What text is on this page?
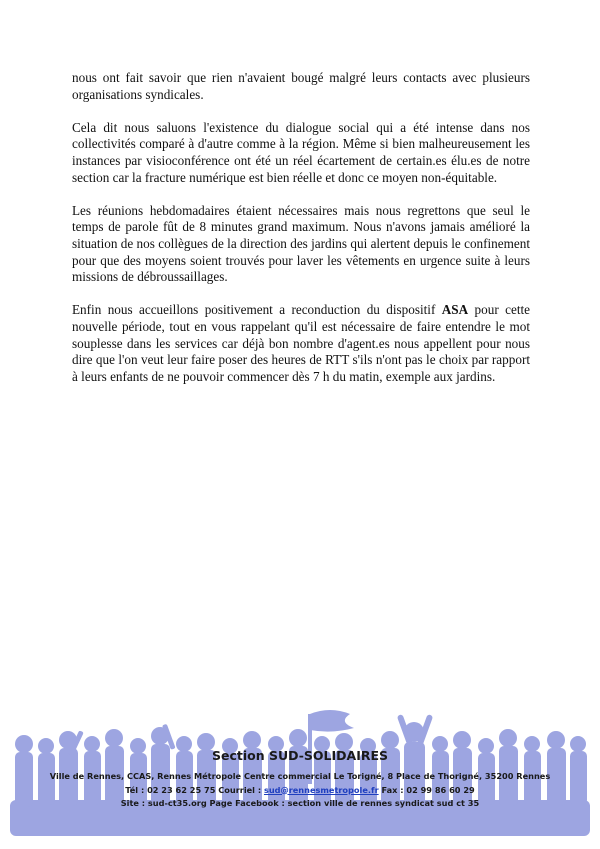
nous ont fait savoir que rien n'avaient bougé malgré leurs contacts avec plusieurs organisations syndicales.

Cela dit nous saluons l'existence du dialogue social qui a été intense dans nos collectivités comparé à d'autre comme à la région. Même si bien malheureusement les instances par visioconférence ont été un réel écartement de certain.es élu.es de notre section car la fracture numérique est bien réelle et donc ce moyen non-équitable.

Les réunions hebdomadaires étaient nécessaires mais nous regrettons que seul le temps de parole fût de 8 minutes grand maximum. Nous n'avons jamais amélioré la situation de nos collègues de la direction des jardins qui alertent depuis le confinement pour que des moyens soient trouvés pour laver les vêtements en urgence suite à leurs missions de débroussaillages.

Enfin nous accueillons positivement a reconduction du dispositif ASA pour cette nouvelle période, tout en vous rappelant qu'il est nécessaire de faire entendre le mot souplesse dans les services car déjà bon nombre d'agent.es nous appellent pour nous dire que l'on veut leur faire poser des heures de RTT s'ils n'ont pas le choix par rapport à leurs enfants de ne pouvoir commencer dès 7 h du matin, exemple aux jardins.

Section SUD-SOLIDAIRES
Ville de Rennes, CCAS, Rennes Métropole Centre commercial Le Torigné, 8 Place de Thorigné, 35200 Rennes
Tél : 02 23 62 25 75 Courriel : sud@rennesmetropole.fr Fax : 02 99 86 60 29
Site : sud-ct35.org Page Facebook : section ville de rennes syndicat sud ct 35
